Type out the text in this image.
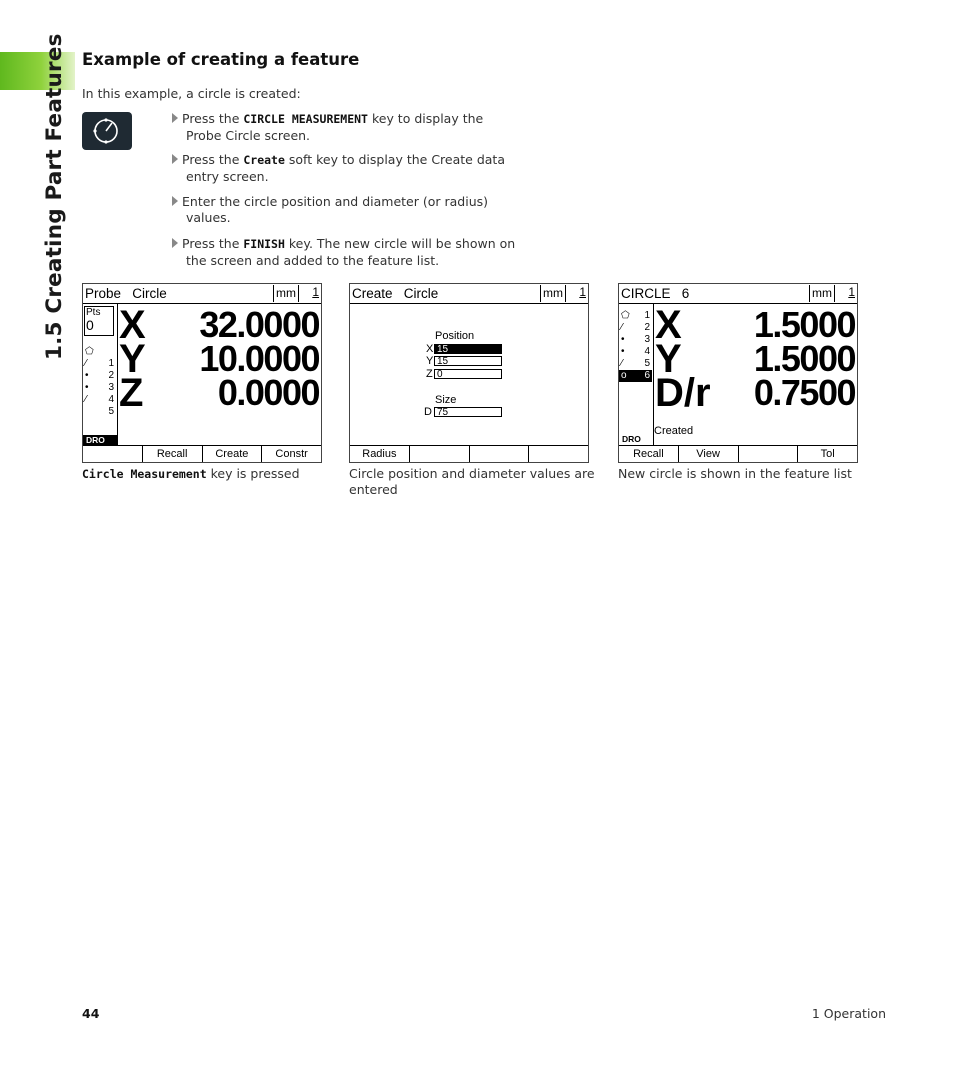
1.5 Creating Part Features Example of creating a feature
In this example, a circle is created:
Press the CIRCLE MEASUREMENT key to display the
Probe Circle screen.
Press the Create soft key to display the Create data
entry screen.
Enter the circle position and diameter (or radius)
values.
Press the FINISH key. The new circle will be shown on
the screen and added to the feature list.
Probe   Circle	mm 1
Pts
0
⬠
⁄ 1
• 2
• 3
⁄ 4
5
DRO
X 32.0000
Y 10.0000
Z 0.0000
Recall	Create	Constr
Create   Circle	mm 1
Position
X 15
Y 15
Z 0
Size
D 75
Radius
CIRCLE   6	mm 1
⬠ 1
⁄ 2
• 3
• 4
⁄ 5
o 6
DRO
X 1.5000
Y 1.5000
D/r 0.7500
Created
Recall	View	Tol
Circle Measurement key is pressed	Circle position and diameter values are entered
New circle is shown in the feature list
44	1 Operation
